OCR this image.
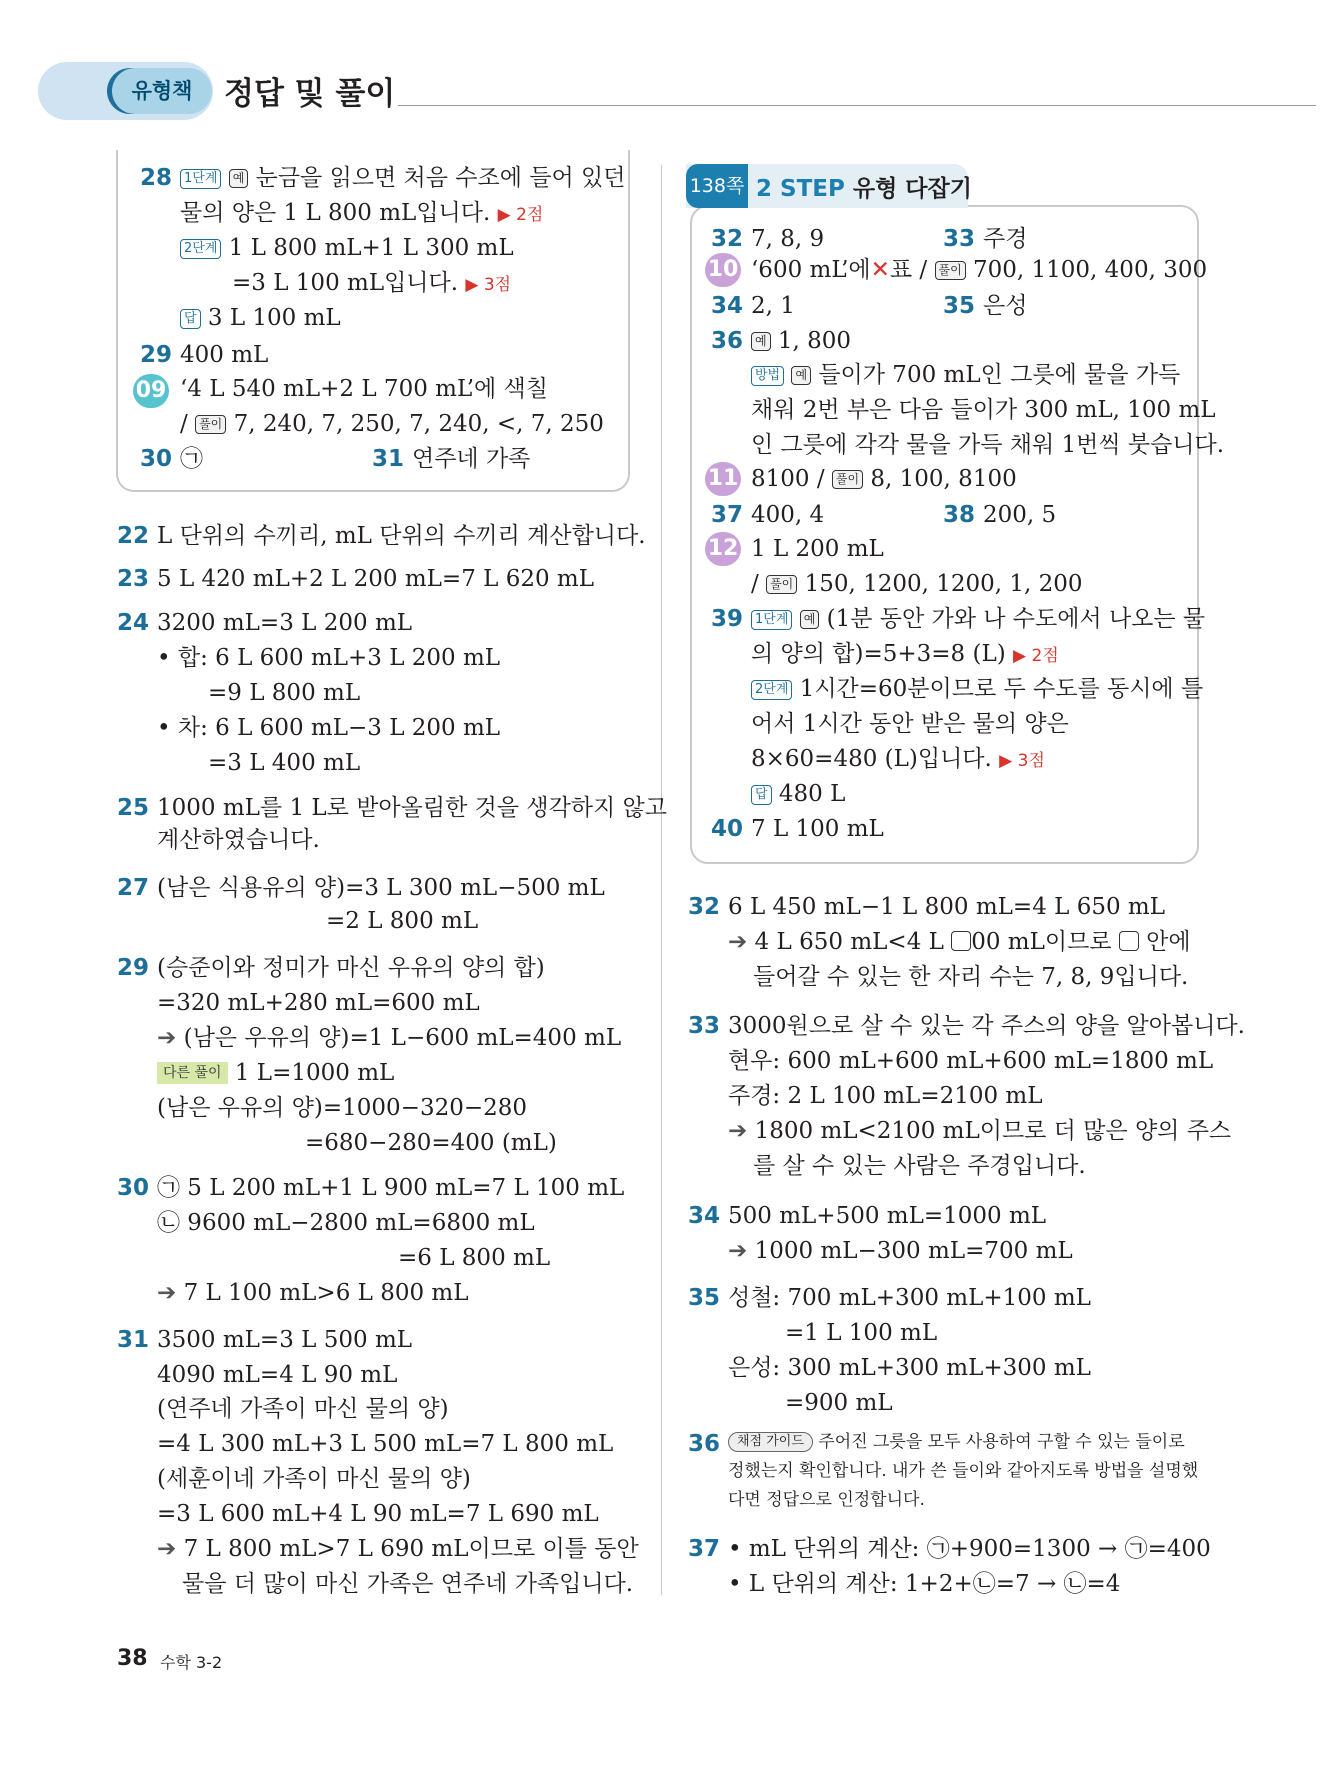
유형책	정답 및 풀이
28 1단계 예 눈금을 읽으면 처음 수조에 들어 있던
물의 양은 1 L 800 mL입니다. ▶ 2점
2단계 1 L 800 mL+1 L 300 mL
=3 L 100 mL입니다. ▶ 3점
답 3 L 100 mL
29 400 mL
09 ‘4 L 540 mL+2 L 700 mL’에 색칠
/ 풀이 7, 240, 7, 250, 7, 240, <, 7, 250
30 ㉠	31 연주네 가족
22 L 단위의 수끼리, mL 단위의 수끼리 계산합니다.
23 5 L 420 mL+2 L 200 mL=7 L 620 mL
24 3200 mL=3 L 200 mL
• 합: 6 L 600 mL+3 L 200 mL
=9 L 800 mL
• 차: 6 L 600 mL−3 L 200 mL
=3 L 400 mL
25 1000 mL를 1 L로 받아올림한 것을 생각하지 않고
계산하였습니다.
27 (남은 식용유의 양)=3 L 300 mL−500 mL
=2 L 800 mL
29 (승준이와 정미가 마신 우유의 양의 합)
=320 mL+280 mL=600 mL
➔ (남은 우유의 양)=1 L−600 mL=400 mL
다른 풀이 1 L=1000 mL
(남은 우유의 양)=1000−320−280
=680−280=400 (mL)
30 ㉠ 5 L 200 mL+1 L 900 mL=7 L 100 mL
㉡ 9600 mL−2800 mL=6800 mL
=6 L 800 mL
➔ 7 L 100 mL>6 L 800 mL
31 3500 mL=3 L 500 mL
4090 mL=4 L 90 mL
(연주네 가족이 마신 물의 양)
=4 L 300 mL+3 L 500 mL=7 L 800 mL
(세훈이네 가족이 마신 물의 양)
=3 L 600 mL+4 L 90 mL=7 L 690 mL
➔ 7 L 800 mL>7 L 690 mL이므로 이틀 동안
물을 더 많이 마신 가족은 연주네 가족입니다.
138쪽 2 STEP 유형 다잡기
32 7, 8, 9	33 주경
10 ‘600 mL’에✕표 / 풀이 700, 1100, 400, 300
34 2, 1	35 은성
36 예 1, 800
방법 예 들이가 700 mL인 그릇에 물을 가득
채워 2번 부은 다음 들이가 300 mL, 100 mL
인 그릇에 각각 물을 가득 채워 1번씩 붓습니다.
11 8100 / 풀이 8, 100, 8100
37 400, 4	38 200, 5
12 1 L 200 mL
/ 풀이 150, 1200, 1200, 1, 200
39 1단계 예 (1분 동안 가와 나 수도에서 나오는 물
의 양의 합)=5+3=8 (L) ▶ 2점
2단계 1시간=60분이므로 두 수도를 동시에 틀
어서 1시간 동안 받은 물의 양은
8×60=480 (L)입니다. ▶ 3점
답 480 L
40 7 L 100 mL
32 6 L 450 mL−1 L 800 mL=4 L 650 mL
➔ 4 L 650 mL<4 L 00 mL이므로 안에
들어갈 수 있는 한 자리 수는 7, 8, 9입니다.
33 3000원으로 살 수 있는 각 주스의 양을 알아봅니다.
현우: 600 mL+600 mL+600 mL=1800 mL
주경: 2 L 100 mL=2100 mL
➔ 1800 mL<2100 mL이므로 더 많은 양의 주스
를 살 수 있는 사람은 주경입니다.
34 500 mL+500 mL=1000 mL
➔ 1000 mL−300 mL=700 mL
35 성철: 700 mL+300 mL+100 mL
=1 L 100 mL
은성: 300 mL+300 mL+300 mL
=900 mL
36	채점 가이드 주어진 그릇을 모두 사용하여 구할 수 있는 들이로
정했는지 확인합니다. 내가 쓴 들이와 같아지도록 방법을 설명했
다면 정답으로 인정합니다.
37 • mL 단위의 계산: ㉠+900=1300 → ㉠=400
• L 단위의 계산: 1+2+㉡=7 → ㉡=4
38 수학 3-2
